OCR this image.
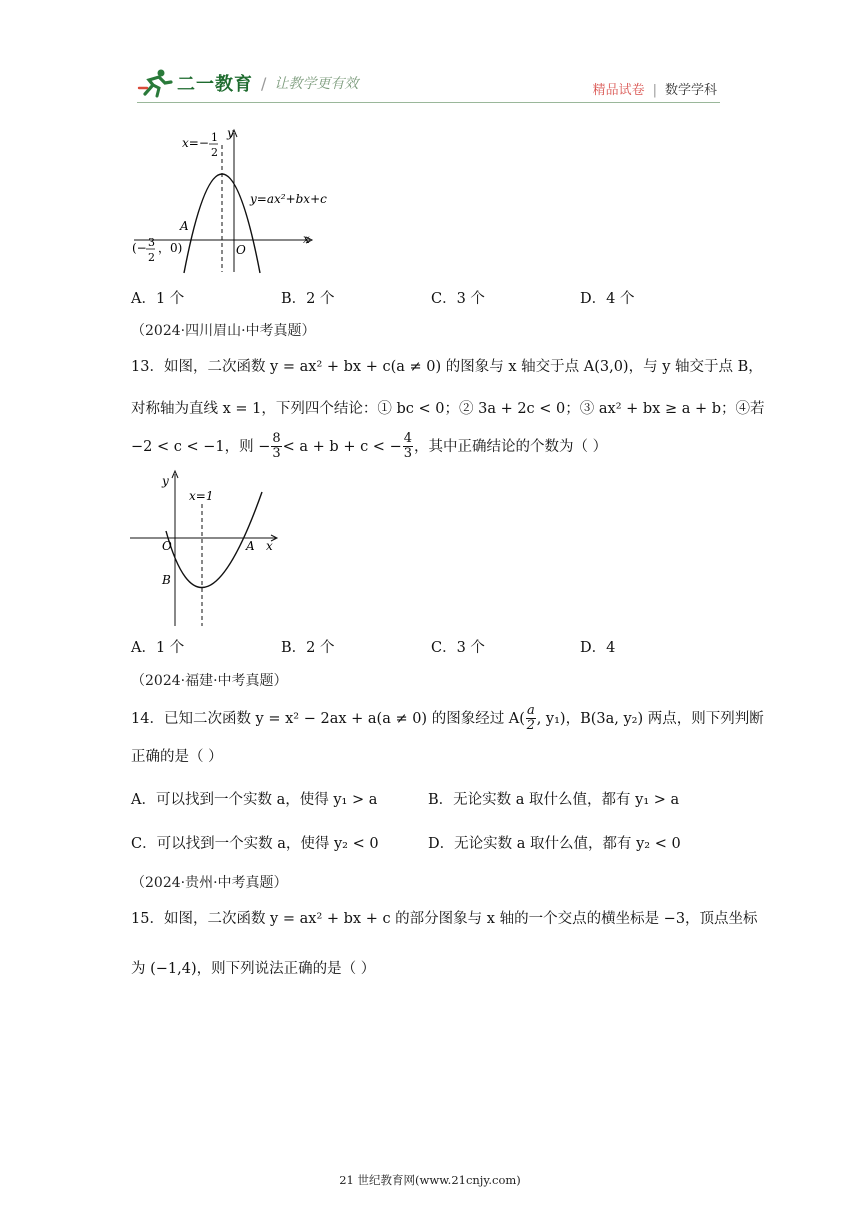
二一教育 / 让教学更有效	精品试卷 | 数学学科
x=− 1
2
y
y=ax²+bx+c
A
O
x
(− 3
2
，0)
A．1 个	B．2 个	C．3 个	D．4 个
（2024·四川眉山·中考真题）
13．如图，二次函数 y = ax² + bx + c(a ≠ 0) 的图象与 x 轴交于点 A(3,0)，与 y 轴交于点 B，
对称轴为直线 x = 1，下列四个结论：① bc < 0；② 3a + 2c < 0；③ ax² + bx ≥ a + b；④若
−2 < c < −1，则 − $\frac{8}{3} < a + b + c$ < − $\frac{4}{3}$ ，其中正确结论的个数为（ ）
y
x=1
O	A x
B
A．1 个	B．2 个	C．3 个	D．4
（2024·福建·中考真题）
14．已知二次函数 y = x² − 2ax + a(a ≠ 0) 的图象经过 $A( \frac{a}{2}$ , y₁)，B(3a, y₂) 两点，则下列判断
正确的是（ ）
A．可以找到一个实数 a，使得 y₁ > a	B．无论实数 a 取什么值，都有 y₁ > a
C．可以找到一个实数 a，使得 y₂ < 0	D．无论实数 a 取什么值，都有 y₂ < 0
（2024·贵州·中考真题）
15．如图，二次函数 y = ax² + bx + c 的部分图象与 x 轴的一个交点的横坐标是 −3，顶点坐标
为 (−1,4)，则下列说法正确的是（ ）
21 世纪教育网(www.21cnjy.com)
